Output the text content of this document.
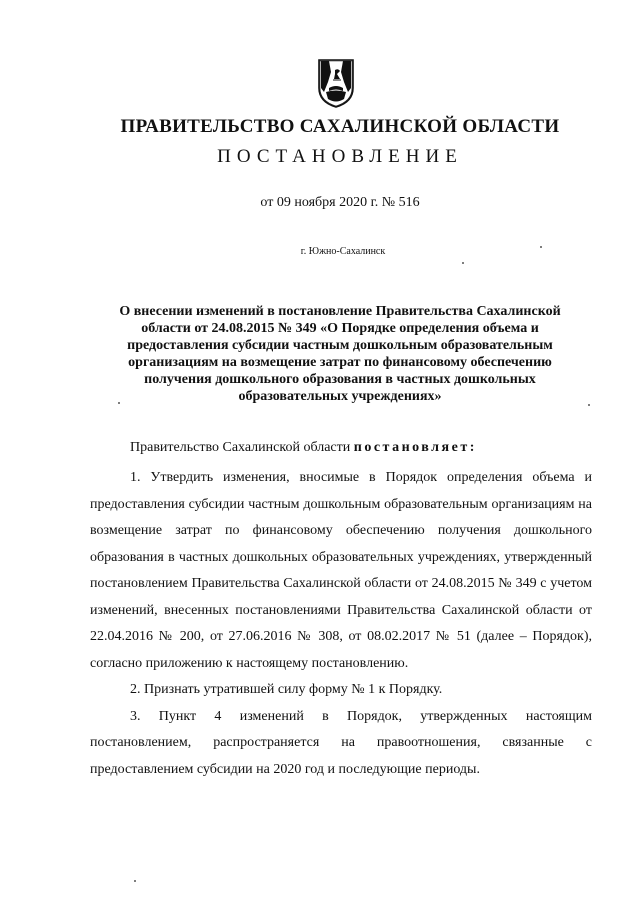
ПРАВИТЕЛЬСТВО САХАЛИНСКОЙ ОБЛАСТИ
ПОСТАНОВЛЕНИЕ
от 09 ноября 2020 г. № 516
г. Южно-Сахалинск
О внесении изменений в постановление Правительства Сахалинской области от 24.08.2015 № 349 «О Порядке определения объема и предоставления субсидии частным дошкольным образовательным организациям на возмещение затрат по финансовому обеспечению получения дошкольного образования в частных дошкольных образовательных учреждениях»
Правительство Сахалинской области постановляет:

1. Утвердить изменения, вносимые в Порядок определения объема и предоставления субсидии частным дошкольным образовательным организациям на возмещение затрат по финансовому обеспечению получения дошкольного образования в частных дошкольных образовательных учреждениях, утвержденный постановлением Правительства Сахалинской области от 24.08.2015 № 349 с учетом изменений, внесенных постановлениями Правительства Сахалинской области от 22.04.2016 № 200, от 27.06.2016 № 308, от 08.02.2017 № 51 (далее – Порядок), согласно приложению к настоящему постановлению.

2. Признать утратившей силу форму № 1 к Порядку.

3. Пункт 4 изменений в Порядок, утвержденных настоящим постановлением, распространяется на правоотношения, связанные с предоставлением субсидии на 2020 год и последующие периоды.
